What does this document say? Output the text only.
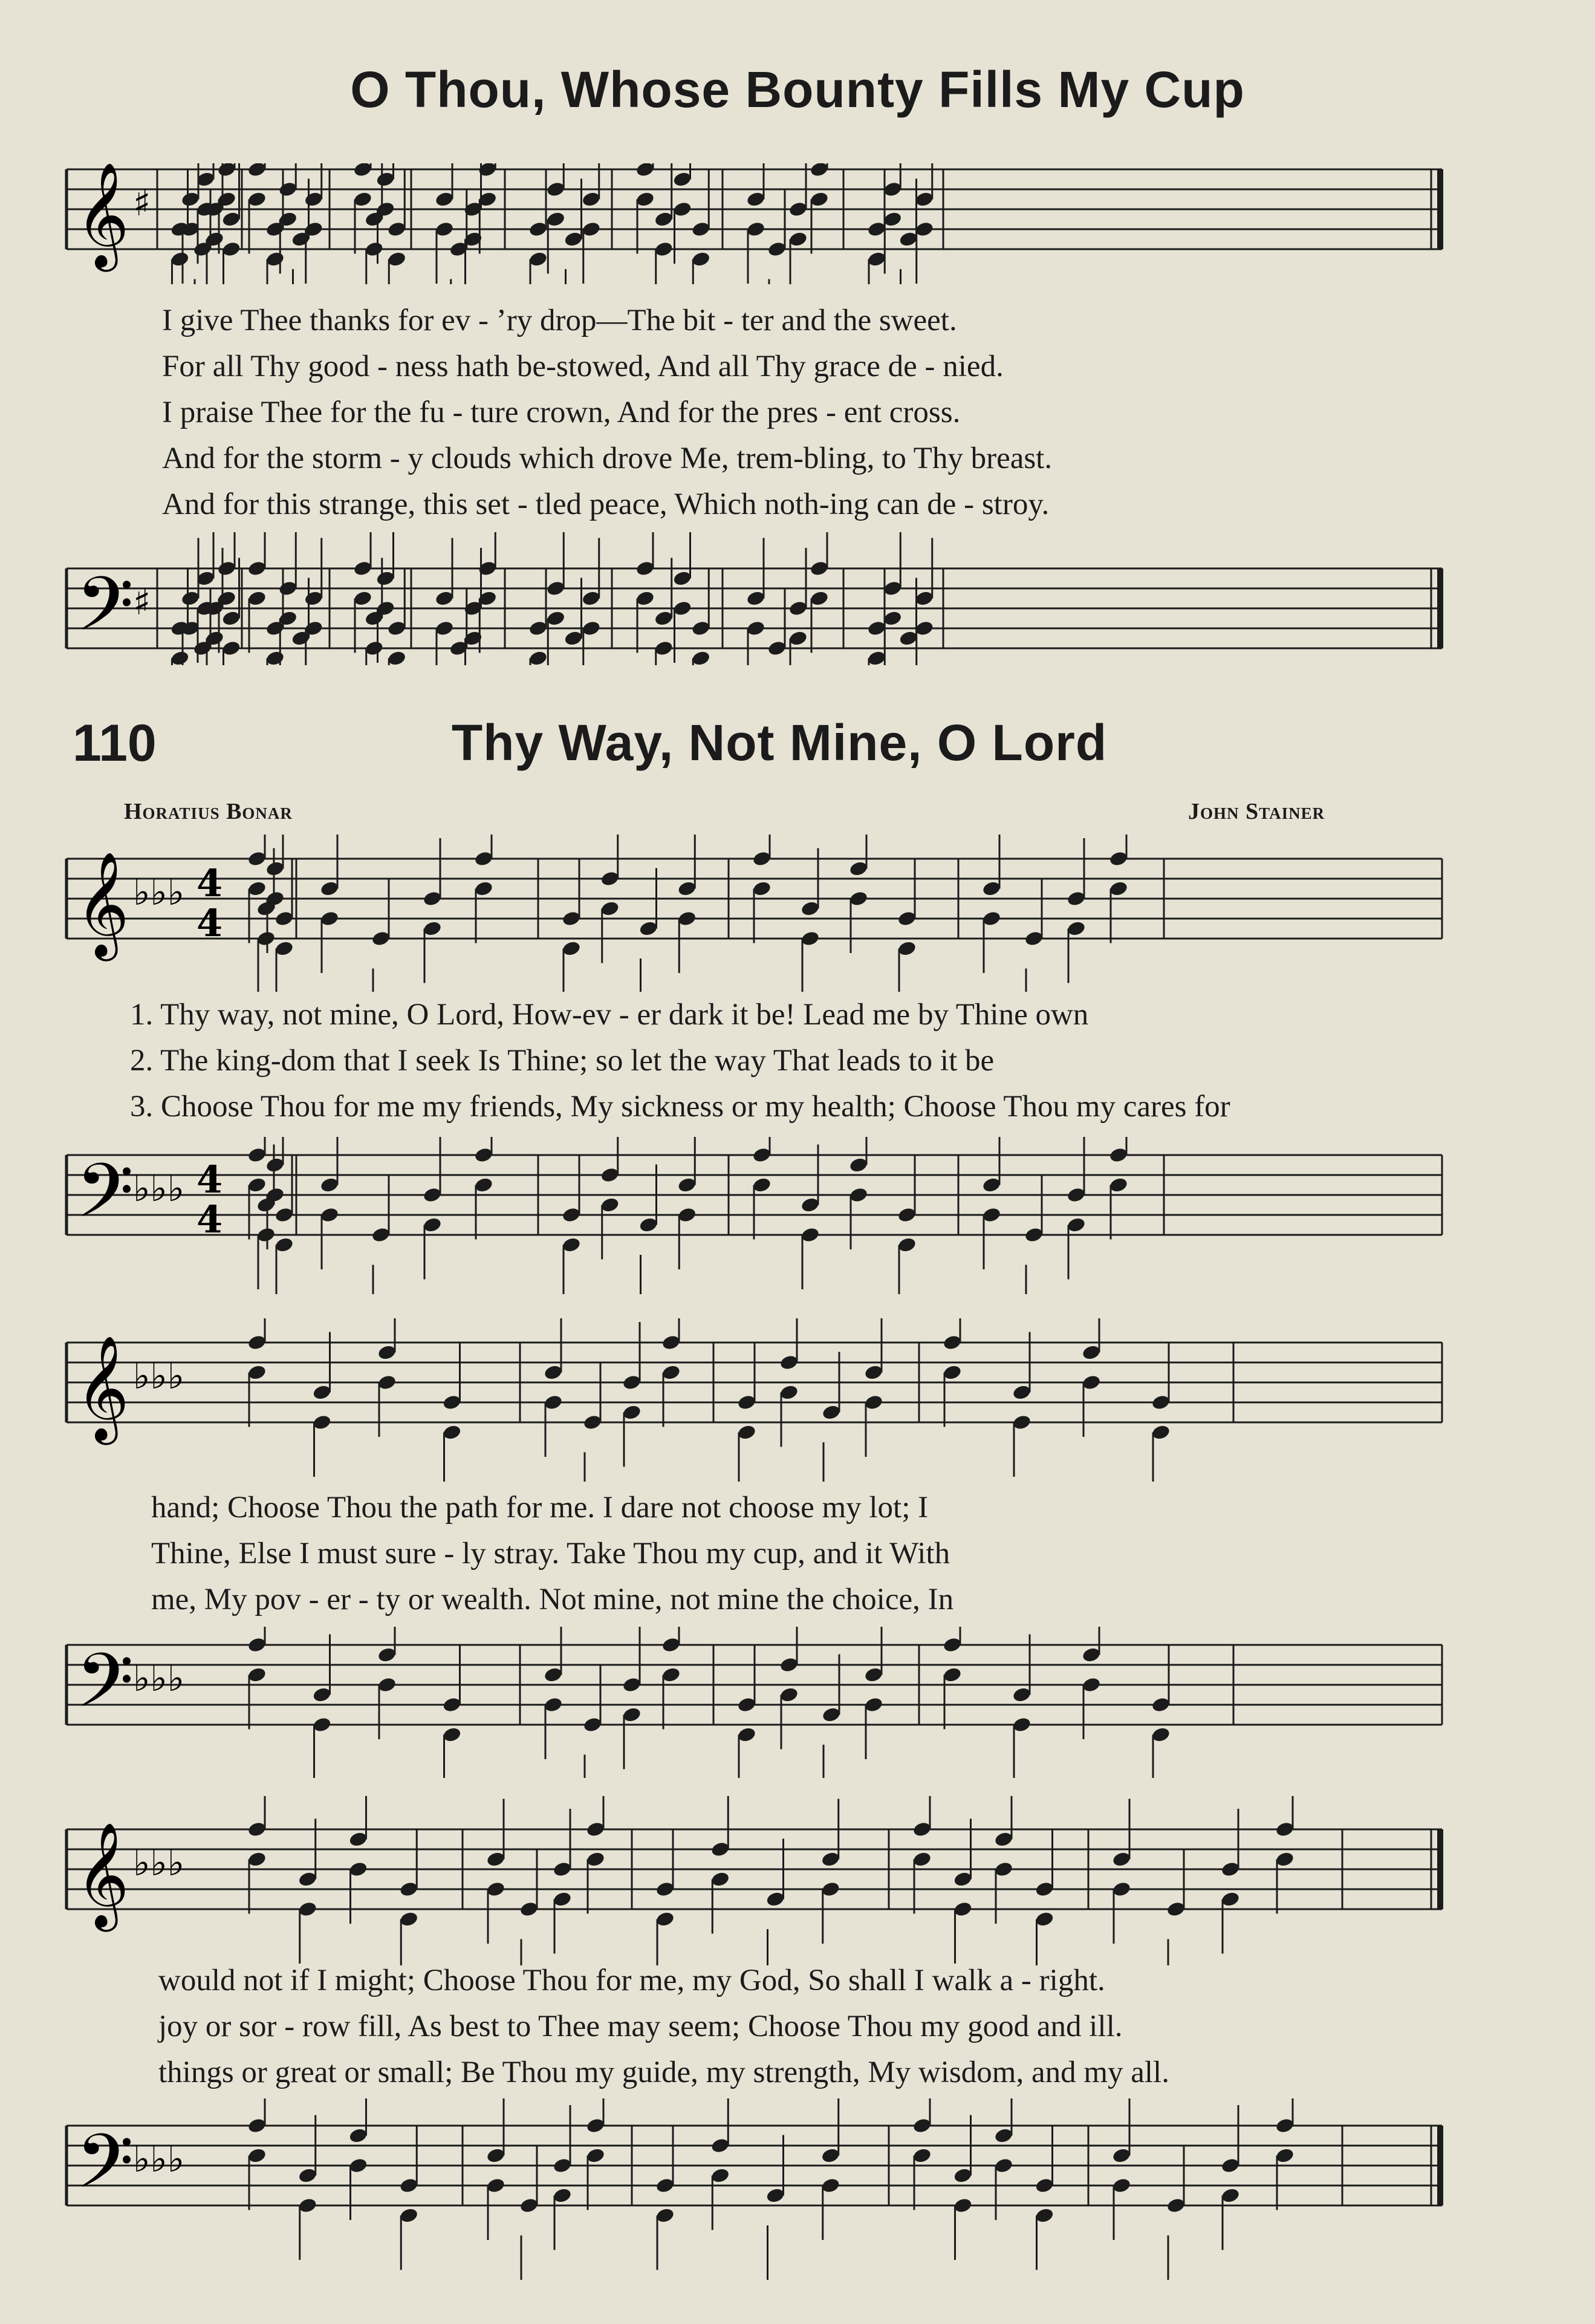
O Thou, Whose Bounty Fills My Cup
𝄞 ♯
I give Thee thanks for ev - ’ry drop—The bit - ter and the sweet.
For all Thy good - ness hath be-stowed, And all Thy grace de - nied.
I praise Thee for the fu - ture crown, And for the pres - ent cross.
And for the storm - y clouds which drove Me, trem-bling, to Thy breast.
And for this strange, this set - tled peace, Which noth-ing can de - stroy.
𝄢
♯
110	Thy Way, Not Mine, O Lord
Horatius Bonar	John Stainer
𝄞 ♭♭♭ 4
4
1. Thy way, not mine, O Lord, How-ev - er dark it be! Lead me by Thine own
2. The king-dom that I seek Is Thine; so let the way That leads to it be
3. Choose Thou for me my friends, My sickness or my health; Choose Thou my cares for
𝄢
♭♭♭ 4
4
𝄞 ♭♭♭
hand; Choose Thou the path for me. I dare not choose my lot; I
Thine, Else I must sure - ly stray. Take Thou my cup, and it With
me, My pov - er - ty or wealth. Not mine, not mine the choice, In
𝄢
♭♭♭
𝄞 ♭♭♭
would not if I might; Choose Thou for me, my God, So shall I walk a - right.
joy or sor - row fill, As best to Thee may seem; Choose Thou my good and ill.
things or great or small; Be Thou my guide, my strength, My wisdom, and my all.
𝄢
♭♭♭
